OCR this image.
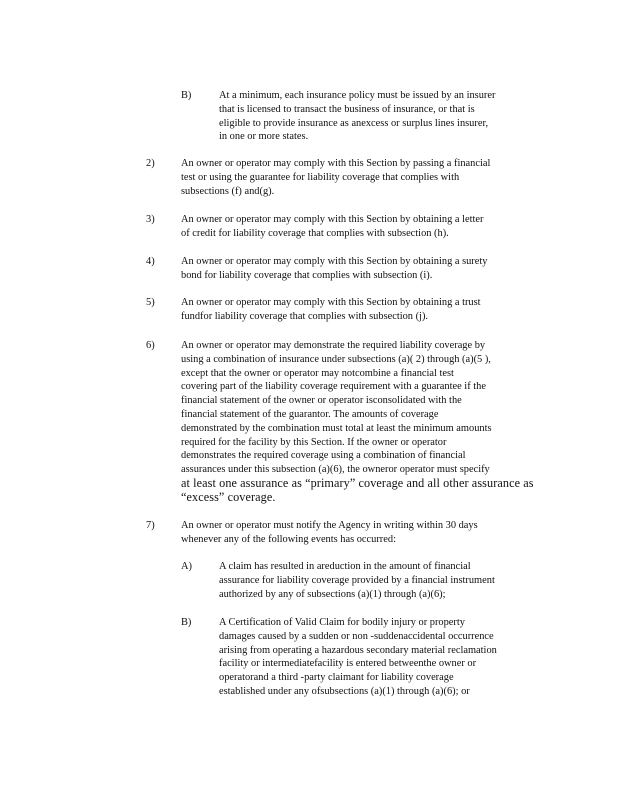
B)	At a minimum, each insurance policy must be issued by an insurer
that is licensed to transact the business of insurance, or that is
eligible to provide insurance as anexcess or surplus lines insurer,
in one or more states.
2)	An owner or operator may comply with this Section by passing a financial
test or using the guarantee for liability coverage that complies with
subsections (f) and(g).
3)	An owner or operator may comply with this Section by obtaining a letter
of credit for liability coverage that complies with subsection (h).
4)	An owner or operator may comply with this Section by obtaining a surety
bond for liability coverage that complies with subsection (i).
5)	An owner or operator may comply with this Section by obtaining a trust
fundfor liability coverage that complies with subsection (j).
6)	An owner or operator may demonstrate the required liability coverage by
using a combination of insurance under subsections (a)( 2) through (a)(5 ),
except that the owner or operator may notcombine a financial test
covering part of the liability coverage requirement with a guarantee if the
financial statement of the owner or operator isconsolidated with the
financial statement of the guarantor. The amounts of coverage
demonstrated by the combination must total at least the minimum amounts
required for the facility by this Section. If the owner or operator
demonstrates the required coverage using a combination of financial
assurances under this subsection (a)(6), the ownеror operator must specify
at least one assurance as “primary” coverage and all other assurance as
“excess” coverage.
7)	An owner or operator must notify the Agency in writing within 30 days
whenever any of the following events has occurred:
A)	A claim has resulted in areduction in the amount of financial
assurance for liability coverage provided by a financial instrument
authorized by any of subsections (a)(1) through (a)(6);
B)	A Certification of Valid Claim for bodily injury or property
damages caused by a sudden or non -suddenaccidental occurrence
arising from operating a hazardous secondary material reclamation
facility or intermediatefacility is entered betweenthe owner or
operatorand a third -party claimant for liability coverage
established under any ofsubsections (a)(1) through (a)(6); or
